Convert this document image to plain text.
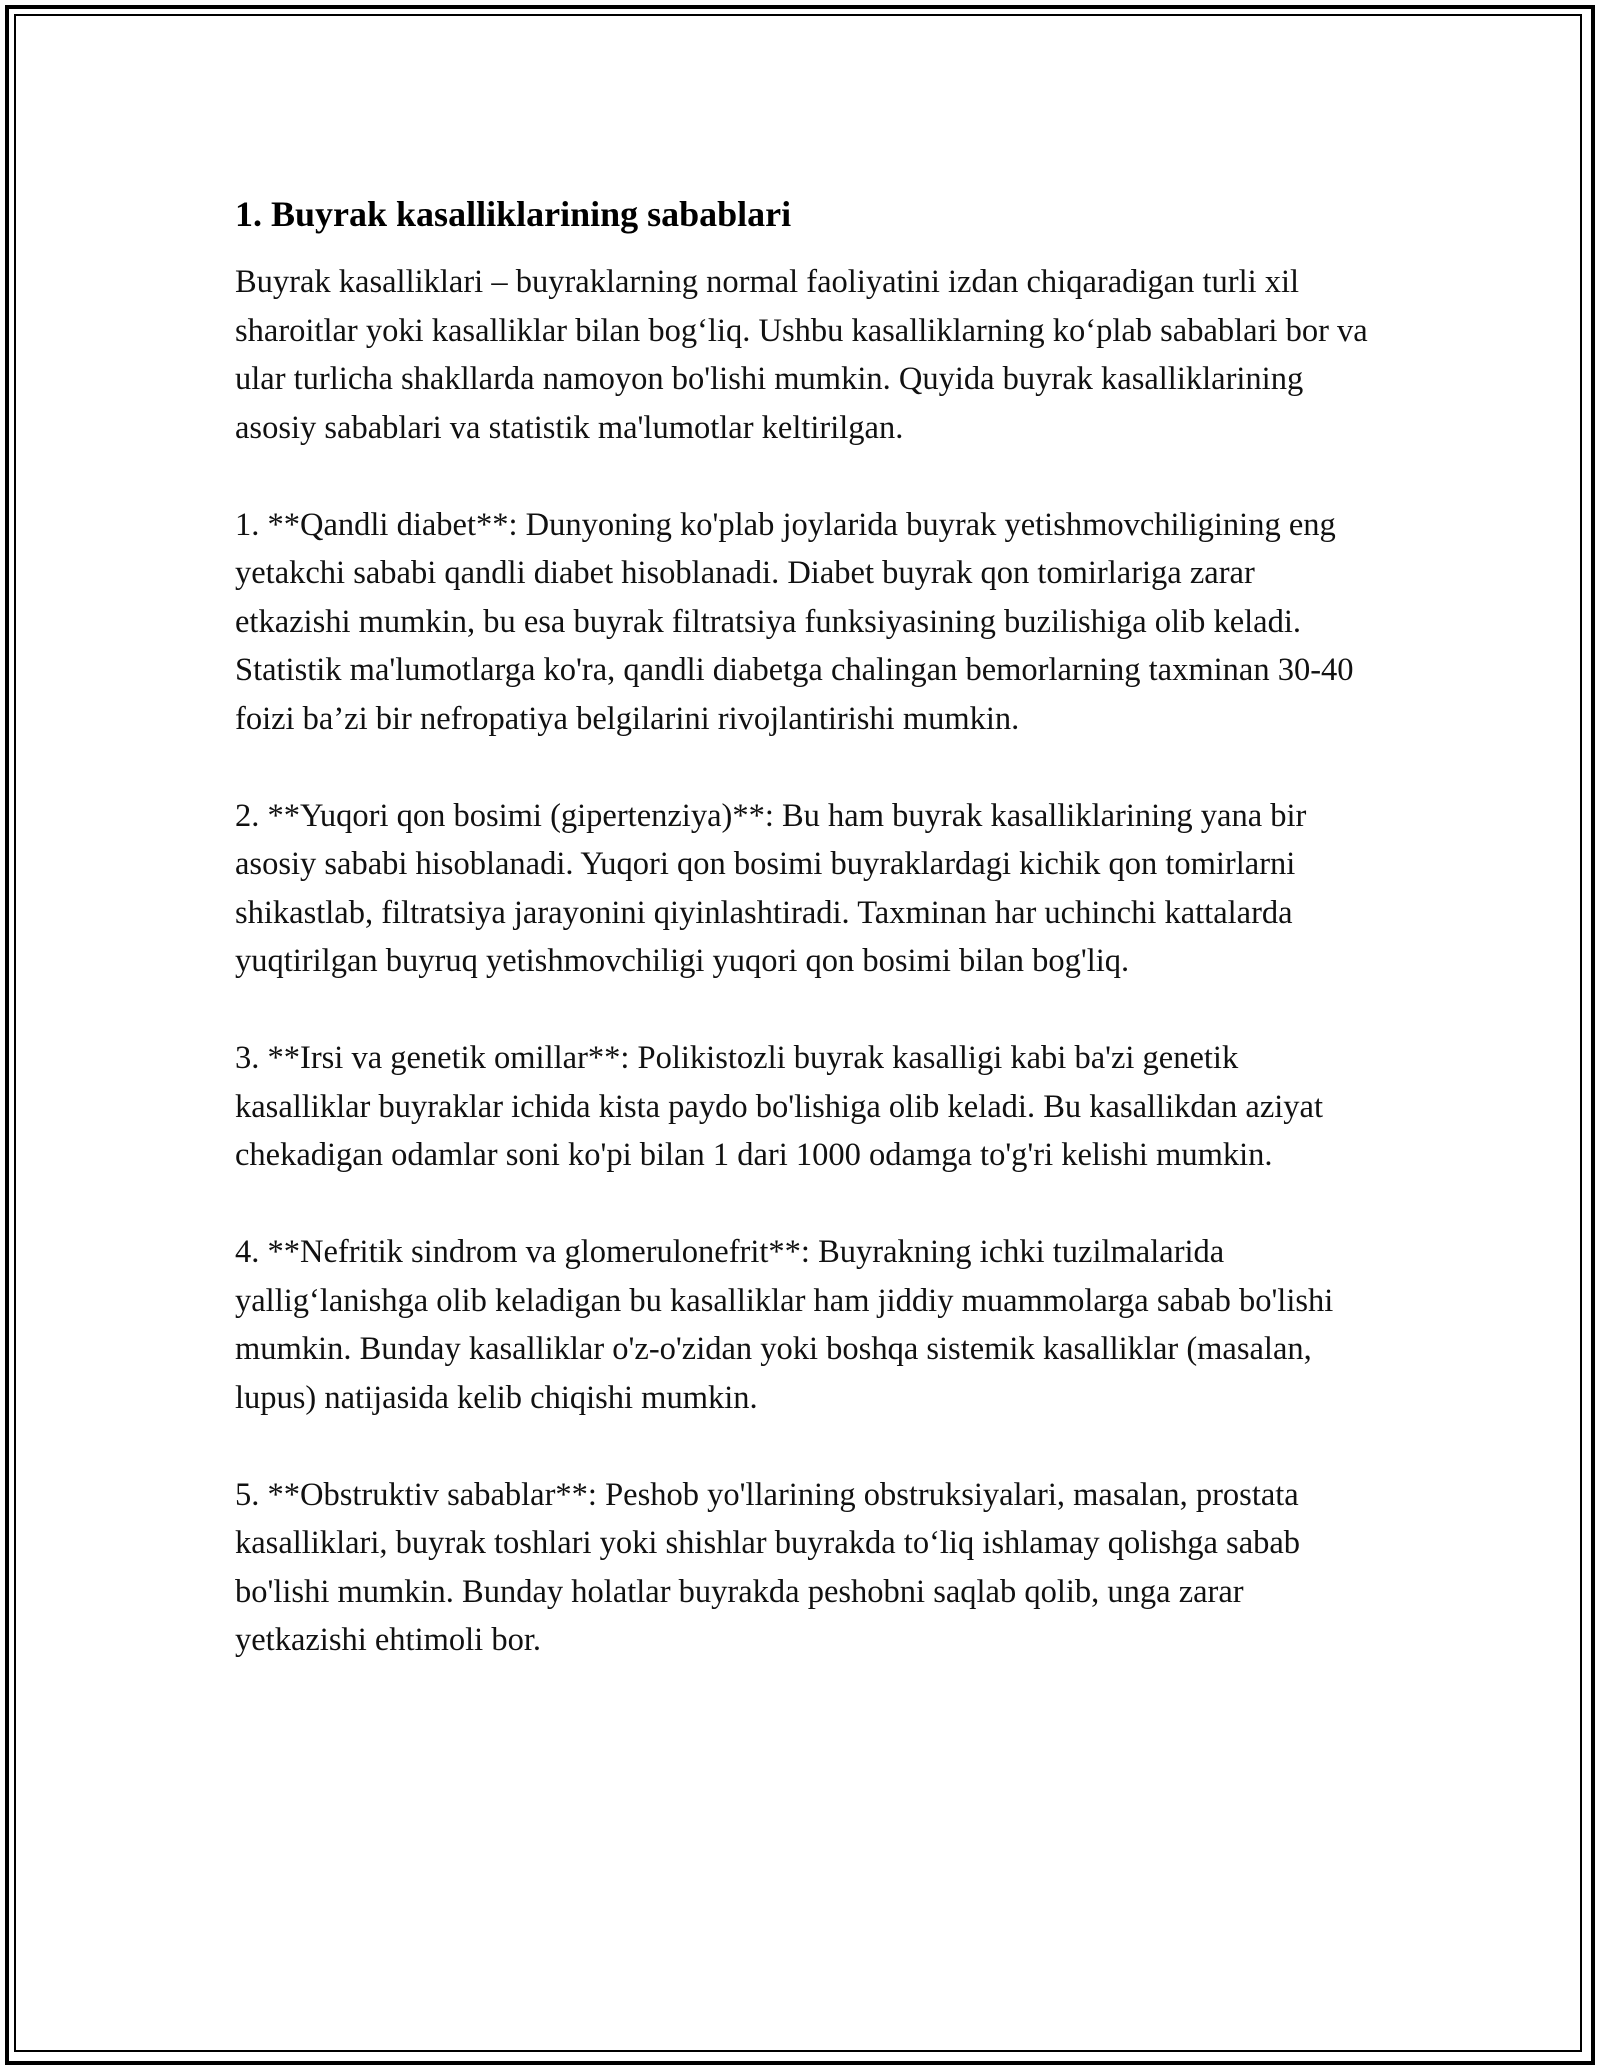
1. Buyrak kasalliklarining sabablari

Buyrak kasalliklari – buyraklarning normal faoliyatini izdan chiqaradigan turli xil sharoitlar yoki kasalliklar bilan bog‘liq. Ushbu kasalliklarning ko‘plab sabablari bor va ular turlicha shakllarda namoyon bo'lishi mumkin. Quyida buyrak kasalliklarining asosiy sabablari va statistik ma'lumotlar keltirilgan.

1. **Qandli diabet**: Dunyoning ko'plab joylarida buyrak yetishmovchiligining eng yetakchi sababi qandli diabet hisoblanadi. Diabet buyrak qon tomirlariga zarar etkazishi mumkin, bu esa buyrak filtratsiya funksiyasining buzilishiga olib keladi. Statistik ma'lumotlarga ko'ra, qandli diabetga chalingan bemorlarning taxminan 30-40 foizi ba’zi bir nefropatiya belgilarini rivojlantirishi mumkin.

2. **Yuqori qon bosimi (gipertenziya)**: Bu ham buyrak kasalliklarining yana bir asosiy sababi hisoblanadi. Yuqori qon bosimi buyraklardagi kichik qon tomirlarni shikastlab, filtratsiya jarayonini qiyinlashtiradi. Taxminan har uchinchi kattalarda yuqtirilgan buyruq yetishmovchiligi yuqori qon bosimi bilan bog'liq.

3. **Irsi va genetik omillar**: Polikistozli buyrak kasalligi kabi ba'zi genetik kasalliklar buyraklar ichida kista paydo bo'lishiga olib keladi. Bu kasallikdan aziyat chekadigan odamlar soni ko'pi bilan 1 dari 1000 odamga to'g'ri kelishi mumkin.

4. **Nefritik sindrom va glomerulonefrit**: Buyrakning ichki tuzilmalarida yallig‘lanishga olib keladigan bu kasalliklar ham jiddiy muammolarga sabab bo'lishi mumkin. Bunday kasalliklar o'z-o'zidan yoki boshqa sistemik kasalliklar (masalan, lupus) natijasida kelib chiqishi mumkin.

5. **Obstruktiv sabablar**: Peshob yo'llarining obstruksiyalari, masalan, prostata kasalliklari, buyrak toshlari yoki shishlar buyrakda to‘liq ishlamay qolishga sabab bo'lishi mumkin. Bunday holatlar buyrakda peshobni saqlab qolib, unga zarar yetkazishi ehtimoli bor.
